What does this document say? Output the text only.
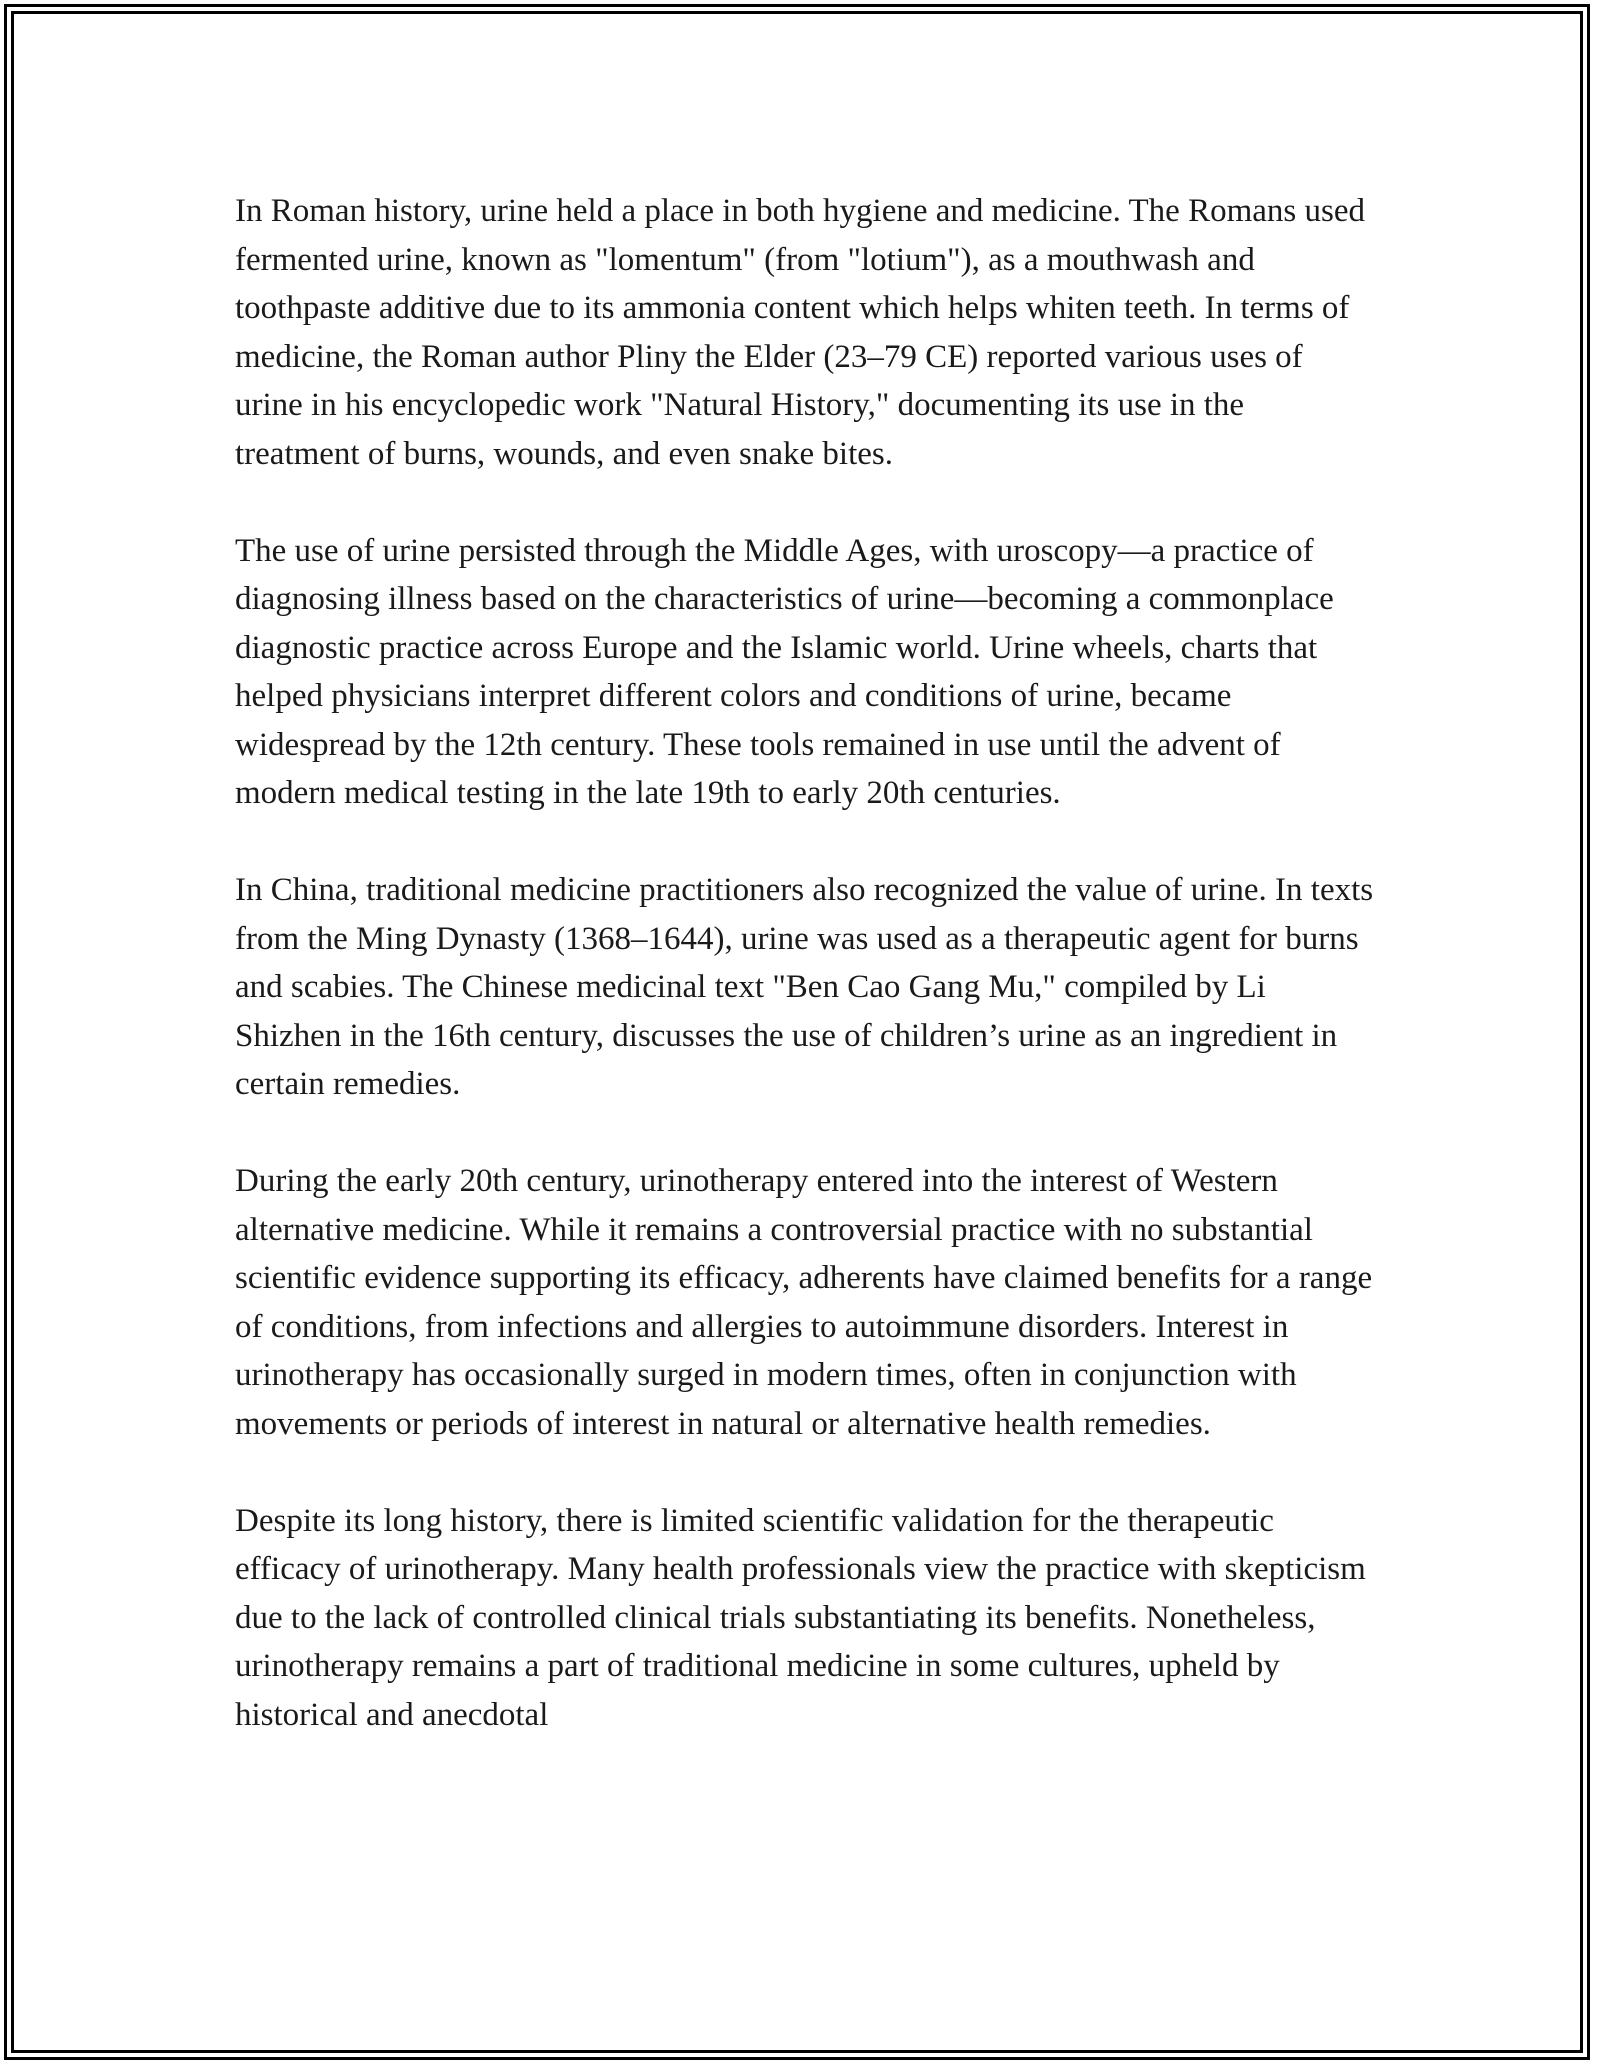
In Roman history, urine held a place in both hygiene and medicine. The Romans used fermented urine, known as "lomentum" (from "lotium"), as a mouthwash and toothpaste additive due to its ammonia content which helps whiten teeth. In terms of medicine, the Roman author Pliny the Elder (23–79 CE) reported various uses of urine in his encyclopedic work "Natural History," documenting its use in the treatment of burns, wounds, and even snake bites.

The use of urine persisted through the Middle Ages, with uroscopy—a practice of diagnosing illness based on the characteristics of urine—becoming a commonplace diagnostic practice across Europe and the Islamic world. Urine wheels, charts that helped physicians interpret different colors and conditions of urine, became widespread by the 12th century. These tools remained in use until the advent of modern medical testing in the late 19th to early 20th centuries.

In China, traditional medicine practitioners also recognized the value of urine. In texts from the Ming Dynasty (1368–1644), urine was used as a therapeutic agent for burns and scabies. The Chinese medicinal text "Ben Cao Gang Mu," compiled by Li Shizhen in the 16th century, discusses the use of children’s urine as an ingredient in certain remedies.

During the early 20th century, urinotherapy entered into the interest of Western alternative medicine. While it remains a controversial practice with no substantial scientific evidence supporting its efficacy, adherents have claimed benefits for a range of conditions, from infections and allergies to autoimmune disorders. Interest in urinotherapy has occasionally surged in modern times, often in conjunction with movements or periods of interest in natural or alternative health remedies.

Despite its long history, there is limited scientific validation for the therapeutic efficacy of urinotherapy. Many health professionals view the practice with skepticism due to the lack of controlled clinical trials substantiating its benefits. Nonetheless, urinotherapy remains a part of traditional medicine in some cultures, upheld by historical and anecdotal
